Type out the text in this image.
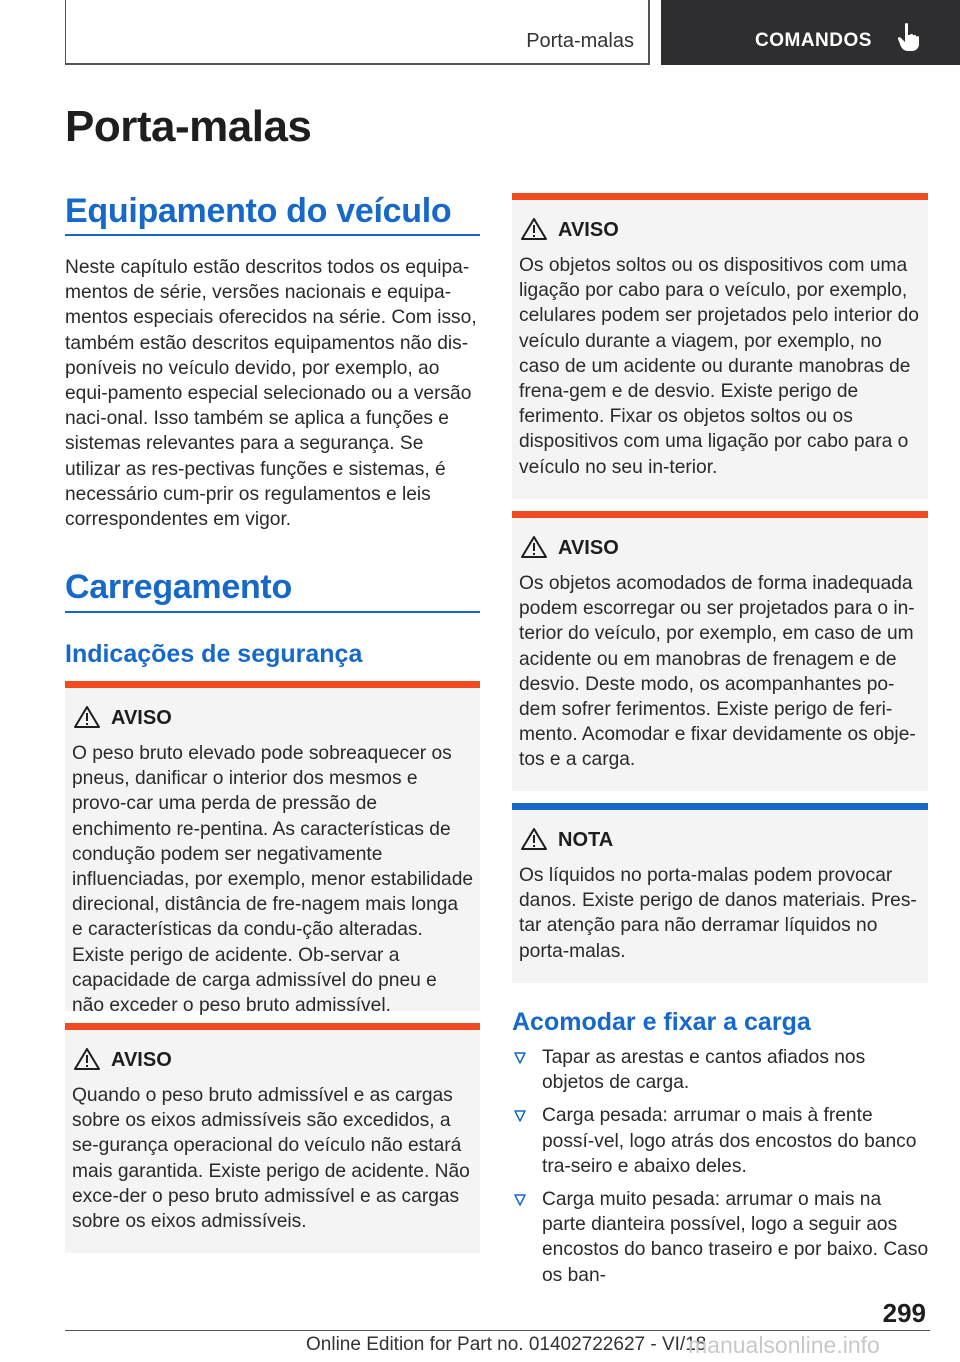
Porta-malas	COMANDOS
Porta-malas
Equipamento do veículo
Neste capítulo estão descritos todos os equipa-mentos de série, versões nacionais e equipa-mentos especiais oferecidos na série. Com isso, também estão descritos equipamentos não dis-poníveis no veículo devido, por exemplo, ao equi-pamento especial selecionado ou a versão naci-onal. Isso também se aplica a funções e sistemas relevantes para a segurança. Se utilizar as res-pectivas funções e sistemas, é necessário cum-prir os regulamentos e leis correspondentes em vigor.
Carregamento
Indicações de segurança
AVISO
O peso bruto elevado pode sobreaquecer os pneus, danificar o interior dos mesmos e provo-car uma perda de pressão de enchimento re-pentina. As características de condução podem ser negativamente influenciadas, por exemplo, menor estabilidade direcional, distância de fre-nagem mais longa e características da condu-ção alteradas. Existe perigo de acidente. Ob-servar a capacidade de carga admissível do pneu e não exceder o peso bruto admissível.
AVISO
Quando o peso bruto admissível e as cargas sobre os eixos admissíveis são excedidos, a se-gurança operacional do veículo não estará mais garantida. Existe perigo de acidente. Não exce-der o peso bruto admissível e as cargas sobre os eixos admissíveis.
AVISO
Os objetos soltos ou os dispositivos com uma ligação por cabo para o veículo, por exemplo, celulares podem ser projetados pelo interior do veículo durante a viagem, por exemplo, no caso de um acidente ou durante manobras de frena-gem e de desvio. Existe perigo de ferimento. Fixar os objetos soltos ou os dispositivos com uma ligação por cabo para o veículo no seu in-terior.
AVISO
Os objetos acomodados de forma inadequada podem escorregar ou ser projetados para o in-terior do veículo, por exemplo, em caso de um acidente ou em manobras de frenagem e de desvio. Deste modo, os acompanhantes po-dem sofrer ferimentos. Existe perigo de feri-mento. Acomodar e fixar devidamente os obje-tos e a carga.
NOTA
Os líquidos no porta-malas podem provocar danos. Existe perigo de danos materiais. Pres-tar atenção para não derramar líquidos no porta-malas.
Acomodar e fixar a carga
Tapar as arestas e cantos afiados nos objetos de carga.
Carga pesada: arrumar o mais à frente possí-vel, logo atrás dos encostos do banco tra-seiro e abaixo deles.
Carga muito pesada: arrumar o mais na parte dianteira possível, logo a seguir aos encostos do banco traseiro e por baixo. Caso os ban-
299
Online Edition for Part no. 01402722627 - VI/18
manualsonline.info
